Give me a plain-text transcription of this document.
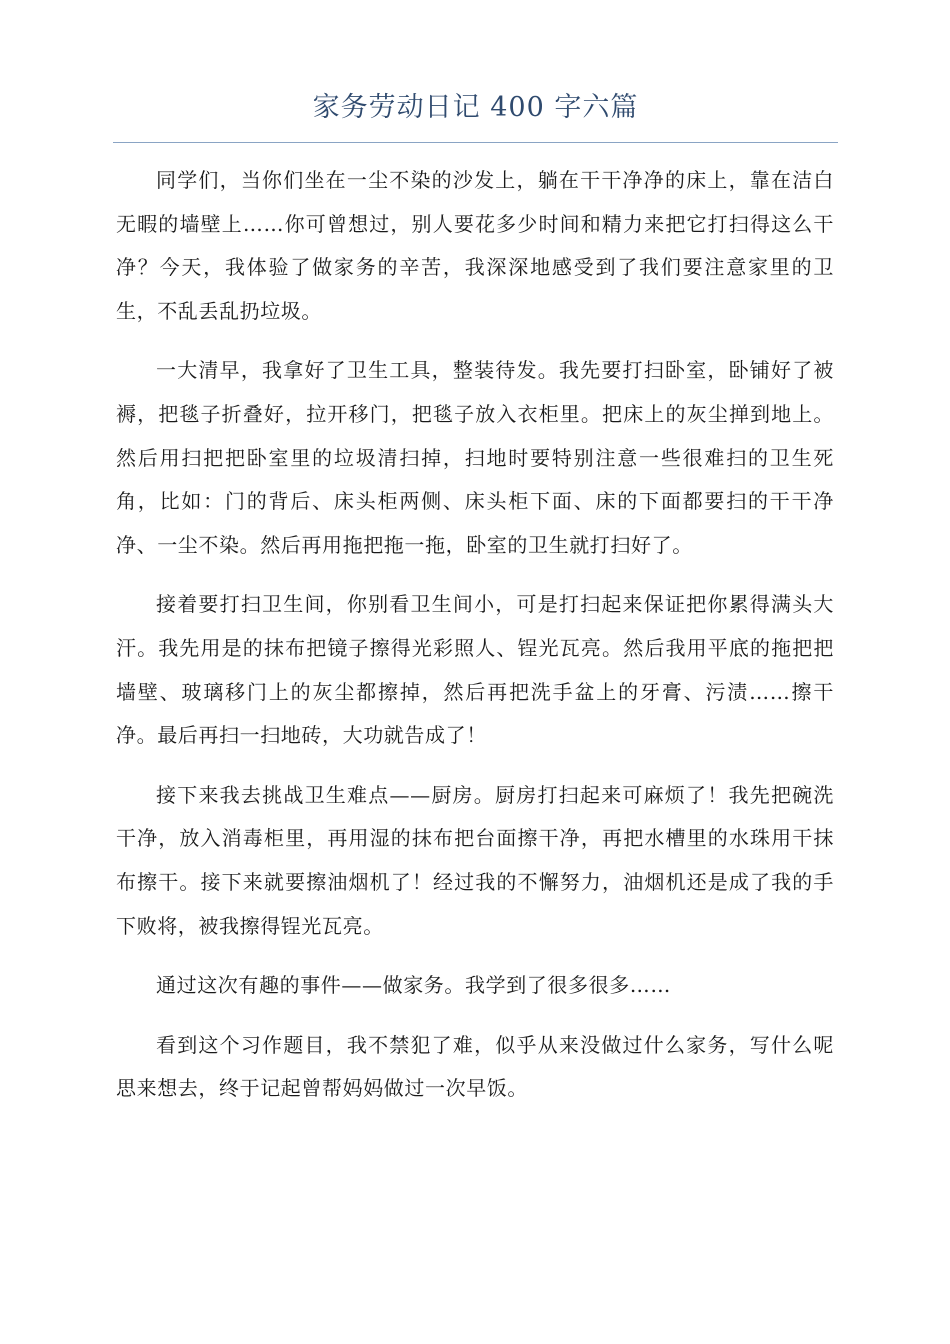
家务劳动日记 400 字六篇

同学们，当你们坐在一尘不染的沙发上，躺在干干净净的床上，靠在洁白无暇的墙壁上……你可曾想过，别人要花多少时间和精力来把它打扫得这么干净？今天，我体验了做家务的辛苦，我深深地感受到了我们要注意家里的卫生，不乱丢乱扔垃圾。

一大清早，我拿好了卫生工具，整装待发。我先要打扫卧室，卧铺好了被褥，把毯子折叠好，拉开移门，把毯子放入衣柜里。把床上的灰尘掸到地上。然后用扫把把卧室里的垃圾清扫掉，扫地时要特别注意一些很难扫的卫生死角，比如：门的背后、床头柜两侧、床头柜下面、床的下面都要扫的干干净净、一尘不染。然后再用拖把拖一拖，卧室的卫生就打扫好了。

接着要打扫卫生间，你别看卫生间小，可是打扫起来保证把你累得满头大汗。我先用是的抹布把镜子擦得光彩照人、锃光瓦亮。然后我用平底的拖把把墙壁、玻璃移门上的灰尘都擦掉，然后再把洗手盆上的牙膏、污渍……擦干净。最后再扫一扫地砖，大功就告成了！

接下来我去挑战卫生难点——厨房。厨房打扫起来可麻烦了！我先把碗洗干净，放入消毒柜里，再用湿的抹布把台面擦干净，再把水槽里的水珠用干抹布擦干。接下来就要擦油烟机了！经过我的不懈努力，油烟机还是成了我的手下败将，被我擦得锃光瓦亮。

通过这次有趣的事件——做家务。我学到了很多很多……

看到这个习作题目，我不禁犯了难，似乎从来没做过什么家务，写什么呢思来想去，终于记起曾帮妈妈做过一次早饭。
